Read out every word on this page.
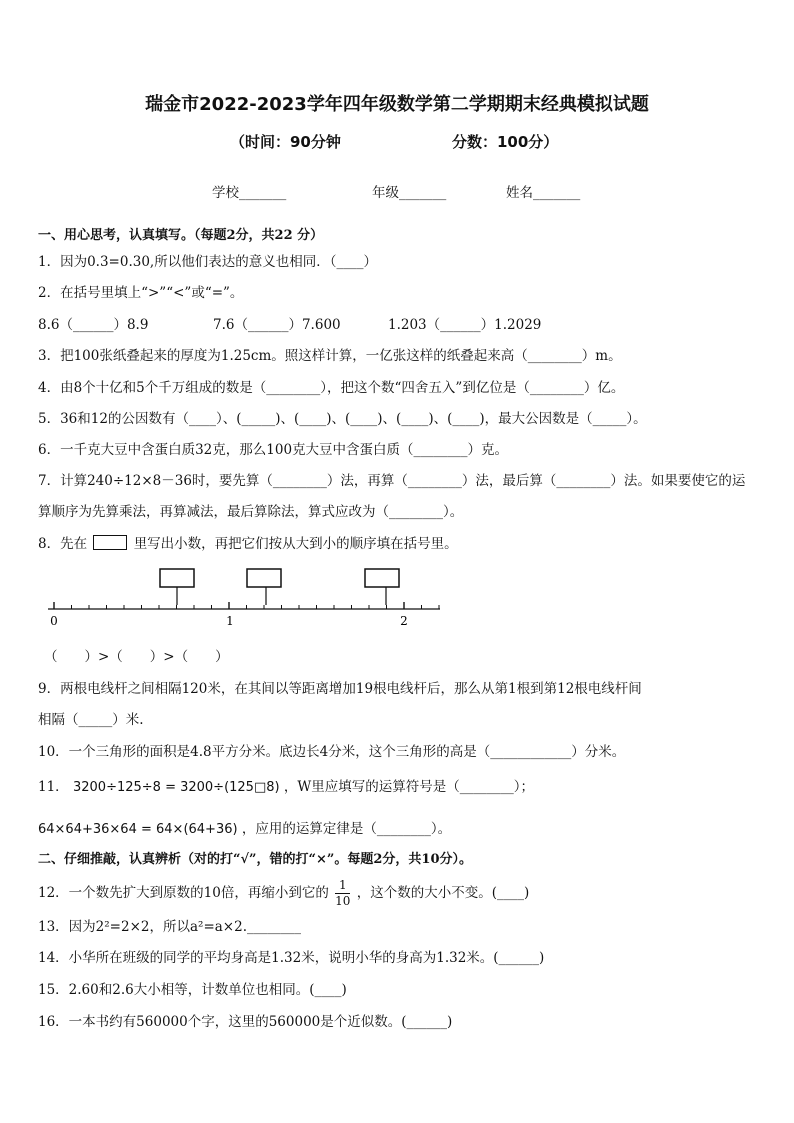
瑞金市2022-2023学年四年级数学第二学期期末经典模拟试题
（时间：90分钟	分数：100分）
学校_______	年级_______	姓名_______
一、用心思考，认真填写。（每题2分，共22 分）
1．因为0.3=0.30,所以他们表达的意义也相同．（____）
2．在括号里填上“>”“<”或“=”。
8.6（______）8.9	7.6（______）7.600	1.203（______）1.2029
3．把100张纸叠起来的厚度为1.25cm。照这样计算，一亿张这样的纸叠起来高（________）m。
4．由8个十亿和5个千万组成的数是（________），把这个数“四舍五入”到亿位是（________）亿。
5．36和12的公因数有（____）、(_____)、(____)、(____)、(____)、(____)，最大公因数是（_____）。
6．一千克大豆中含蛋白质32克，那么100克大豆中含蛋白质（________）克。
7．计算240÷12×8－36时，要先算（________）法，再算（________）法，最后算（________）法。如果要使它的运
算顺序为先算乘法，再算减法，最后算除法，算式应改为（________）。
8．先在	里写出小数，再把它们按从大到小的顺序填在括号里。
0	1	2
（　　）>（　　）>（　　）
9．两根电线杆之间相隔120米，在其间以等距离增加19根电线杆后，那么从第1根到第12根电线杆间
相隔（_____）米.
10．一个三角形的面积是4.8平方分米。底边长4分米，这个三角形的高是（____________）分米。
11． 3200÷125÷8 = 3200÷(125□8) ，W里应填写的运算符号是（________）；
64×64+36×64 = 64×(64+36) ，应用的运算定律是（________）。
二、仔细推敲，认真辨析（对的打“√”，错的打“×”。每题2分，共10分）。
12．一个数先扩大到原数的10倍，再缩小到它的 $\frac{1}{10}$ ，这个数的大小不变。(____)
13．因为2²=2×2，所以a²=a×2.________
14．小华所在班级的同学的平均身高是1.32米，说明小华的身高为1.32米。(______)
15．2.60和2.6大小相等，计数单位也相同。(____)
16．一本书约有560000个字，这里的560000是个近似数。(______)
